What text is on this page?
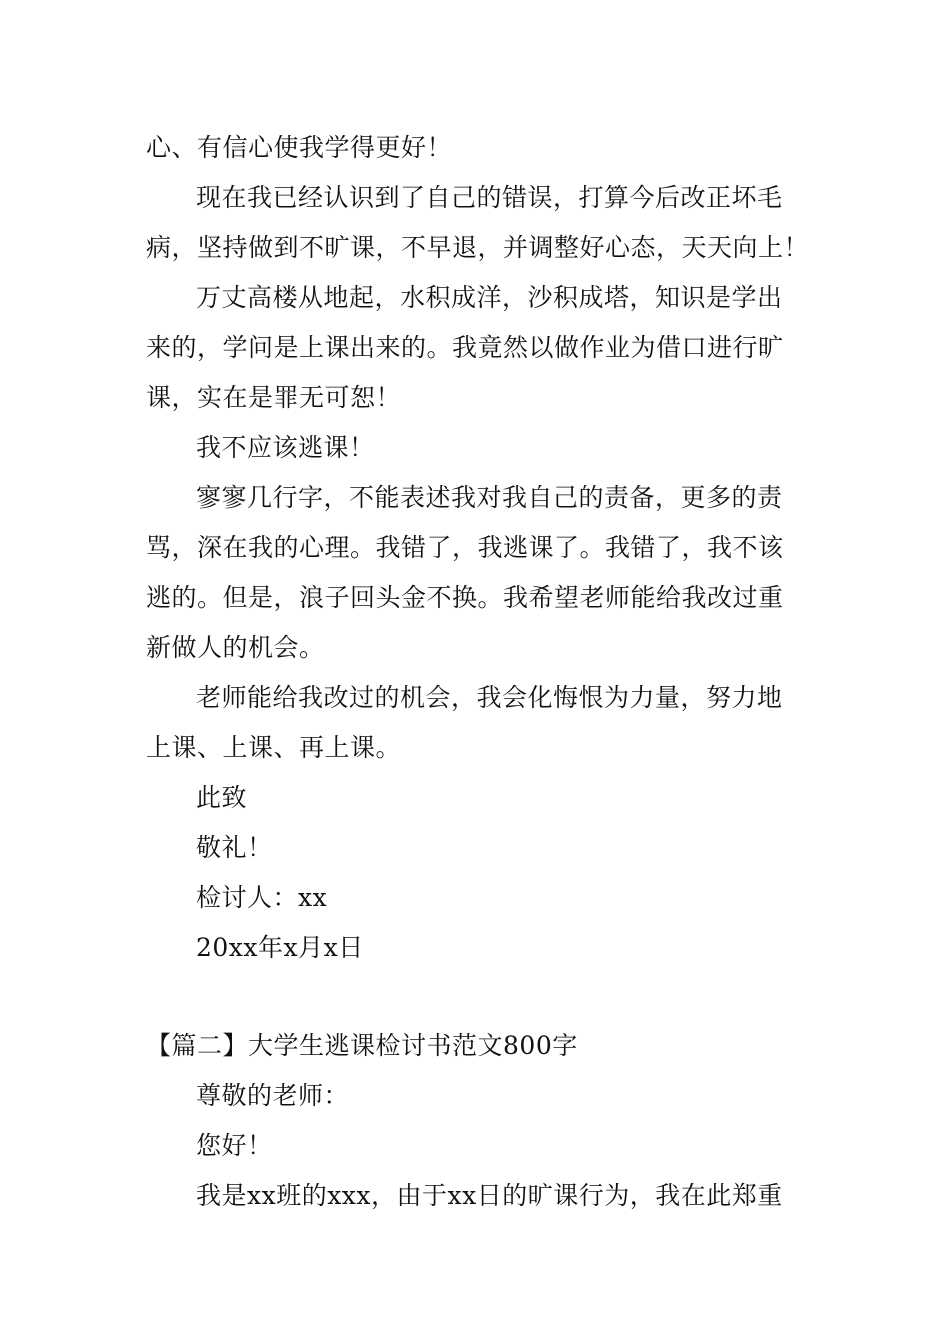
心、有信心使我学得更好！
现在我已经认识到了自己的错误，打算今后改正坏毛
病，坚持做到不旷课，不早退，并调整好心态，天天向上！
万丈高楼从地起，水积成洋，沙积成塔，知识是学出
来的，学问是上课出来的。我竟然以做作业为借口进行旷
课，实在是罪无可恕！
我不应该逃课！
寥寥几行字，不能表述我对我自己的责备，更多的责
骂，深在我的心理。我错了，我逃课了。我错了，我不该
逃的。但是，浪子回头金不换。我希望老师能给我改过重
新做人的机会。
老师能给我改过的机会，我会化悔恨为力量，努力地
上课、上课、再上课。
此致
敬礼！
检讨人：xx
20xx年x月x日
【篇二】大学生逃课检讨书范文800字
尊敬的老师：
您好！
我是xx班的xxx，由于xx日的旷课行为，我在此郑重
